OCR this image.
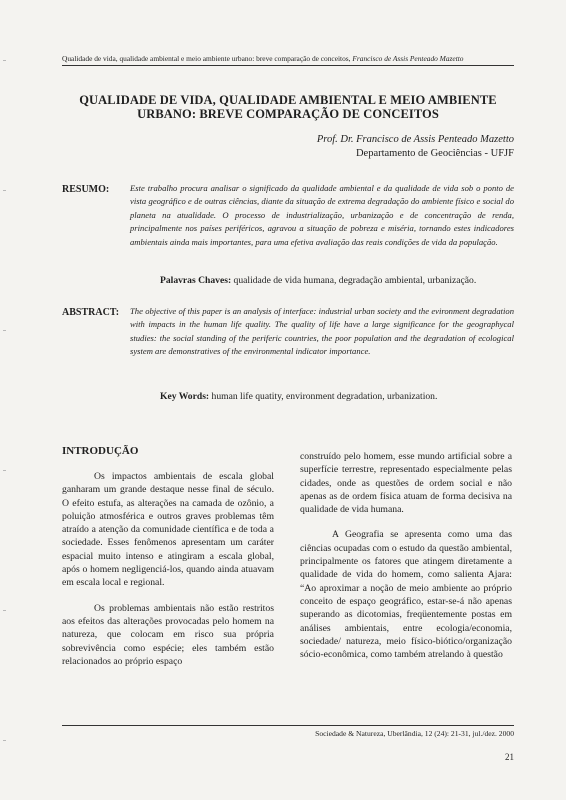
Qualidade de vida, qualidade ambiental e meio ambiente urbano: breve comparação de conceitos, Francisco de Assis Penteado Mazetto
QUALIDADE DE VIDA, QUALIDADE AMBIENTAL E MEIO AMBIENTE
URBANO: BREVE COMPARAÇÃO DE CONCEITOS
Prof. Dr. Francisco de Assis Penteado Mazetto
Departamento de Geociências - UFJF
RESUMO: Este trabalho procura analisar o significado da qualidade ambiental e da qualidade de vida sob o ponto de vista geográfico e de outras ciências, diante da situação de extrema degradação do ambiente físico e social do planeta na atualidade. O processo de industrialização, urbanização e de concentração de renda, principalmente nos países periféricos, agravou a situação de pobreza e miséria, tornando estes indicadores ambientais ainda mais importantes, para uma efetiva avaliação das reais condições de vida da população.
Palavras Chaves: qualidade de vida humana, degradação ambiental, urbanização.
ABSTRACT: The objective of this paper is an analysis of interface: industrial urban society and the evironment degradation with impacts in the human life quality. The quality of life have a large significance for the geographycal studies: the social standing of the periferic countries, the poor population and the degradation of ecological system are demonstratives of the environmental indicator importance.
Key Words: human life quatity, environment degradation, urbanization.
INTRODUÇÃO

Os impactos ambientais de escala global ganharam um grande destaque nesse final de século. O efeito estufa, as alterações na camada de ozônio, a poluição atmosférica e outros graves problemas têm atraído a atenção da comunidade científica e de toda a sociedade. Esses fenômenos apresentam um caráter espacial muito intenso e atingiram a escala global, após o homem negligenciá-los, quando ainda atuavam em escala local e regional.

Os problemas ambientais não estão restritos aos efeitos das alterações provocadas pelo homem na natureza, que colocam em risco sua própria sobrevivência como espécie; eles também estão relacionados ao próprio espaço

construído pelo homem, esse mundo artificial sobre a superfície terrestre, representado especialmente pelas cidades, onde as questões de ordem social e não apenas as de ordem física atuam de forma decisiva na qualidade de vida humana.

A Geografia se apresenta como uma das ciências ocupadas com o estudo da questão ambiental, principalmente os fatores que atingem diretamente a qualidade de vida do homem, como salienta Ajara: “Ao aproximar a noção de meio ambiente ao próprio conceito de espaço geográfico, estar-se-á não apenas superando as dicotomias, freqüentemente postas em análises ambientais, entre ecologia/economia, sociedade/ natureza, meio físico-biótico/organização sócio-econômica, como também atrelando à questão

Sociedade & Natureza, Uberlândia, 12 (24): 21-31, jul./dez. 2000
21
